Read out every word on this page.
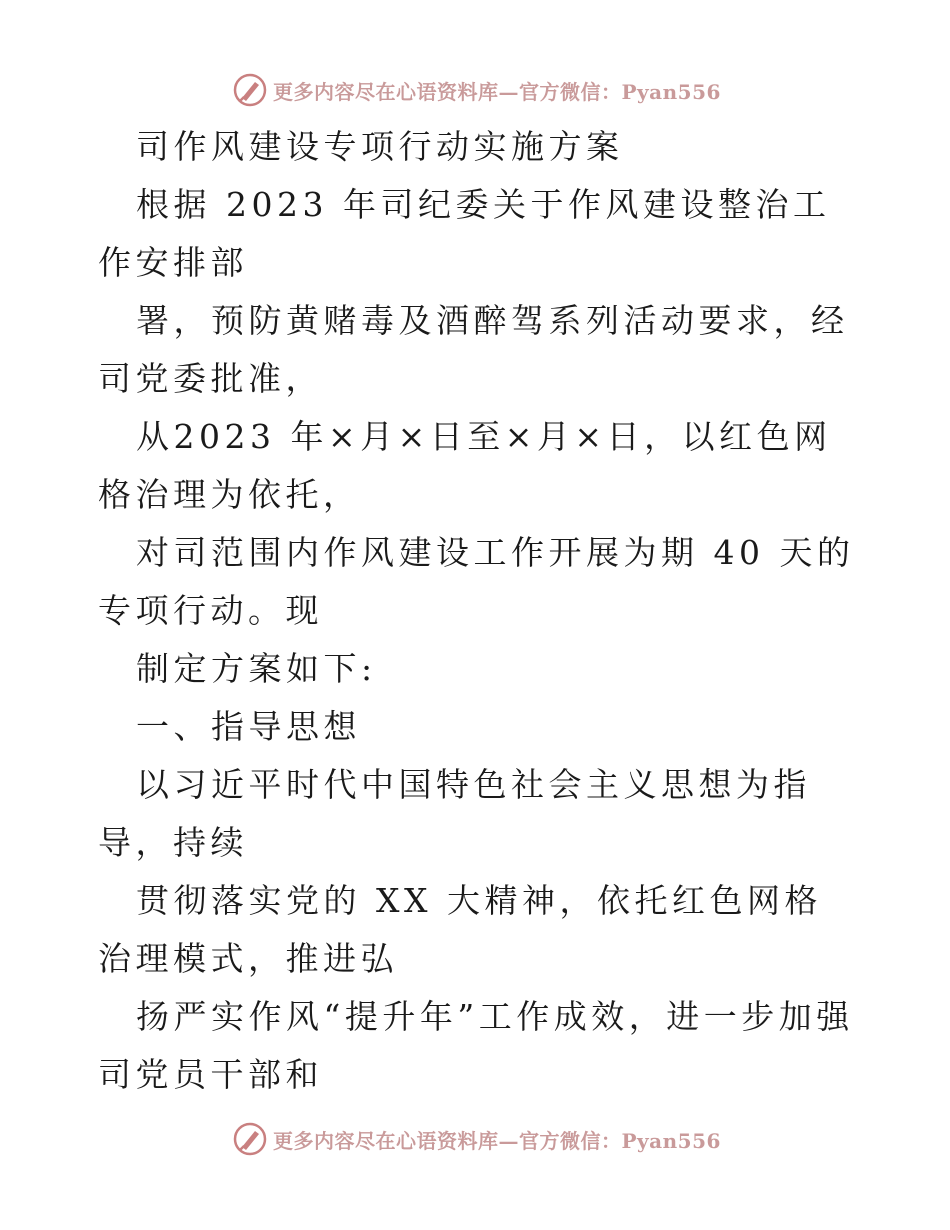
更多内容尽在心语资料库—官方微信：Pyan556

司作风建设专项行动实施方案

根据 2023 年司纪委关于作风建设整治工作安排部

署，预防黄赌毒及酒醉驾系列活动要求，经司党委批准，

从2023 年×月×日至×月×日，以红色网格治理为依托，

对司范围内作风建设工作开展为期 40 天的专项行动。现

制定方案如下:

一、指导思想

以习近平时代中国特色社会主义思想为指导，持续

贯彻落实党的 XX 大精神，依托红色网格治理模式，推进弘

扬严实作风“提升年”工作成效，进一步加强司党员干部和

更多内容尽在心语资料库—官方微信：Pyan556
